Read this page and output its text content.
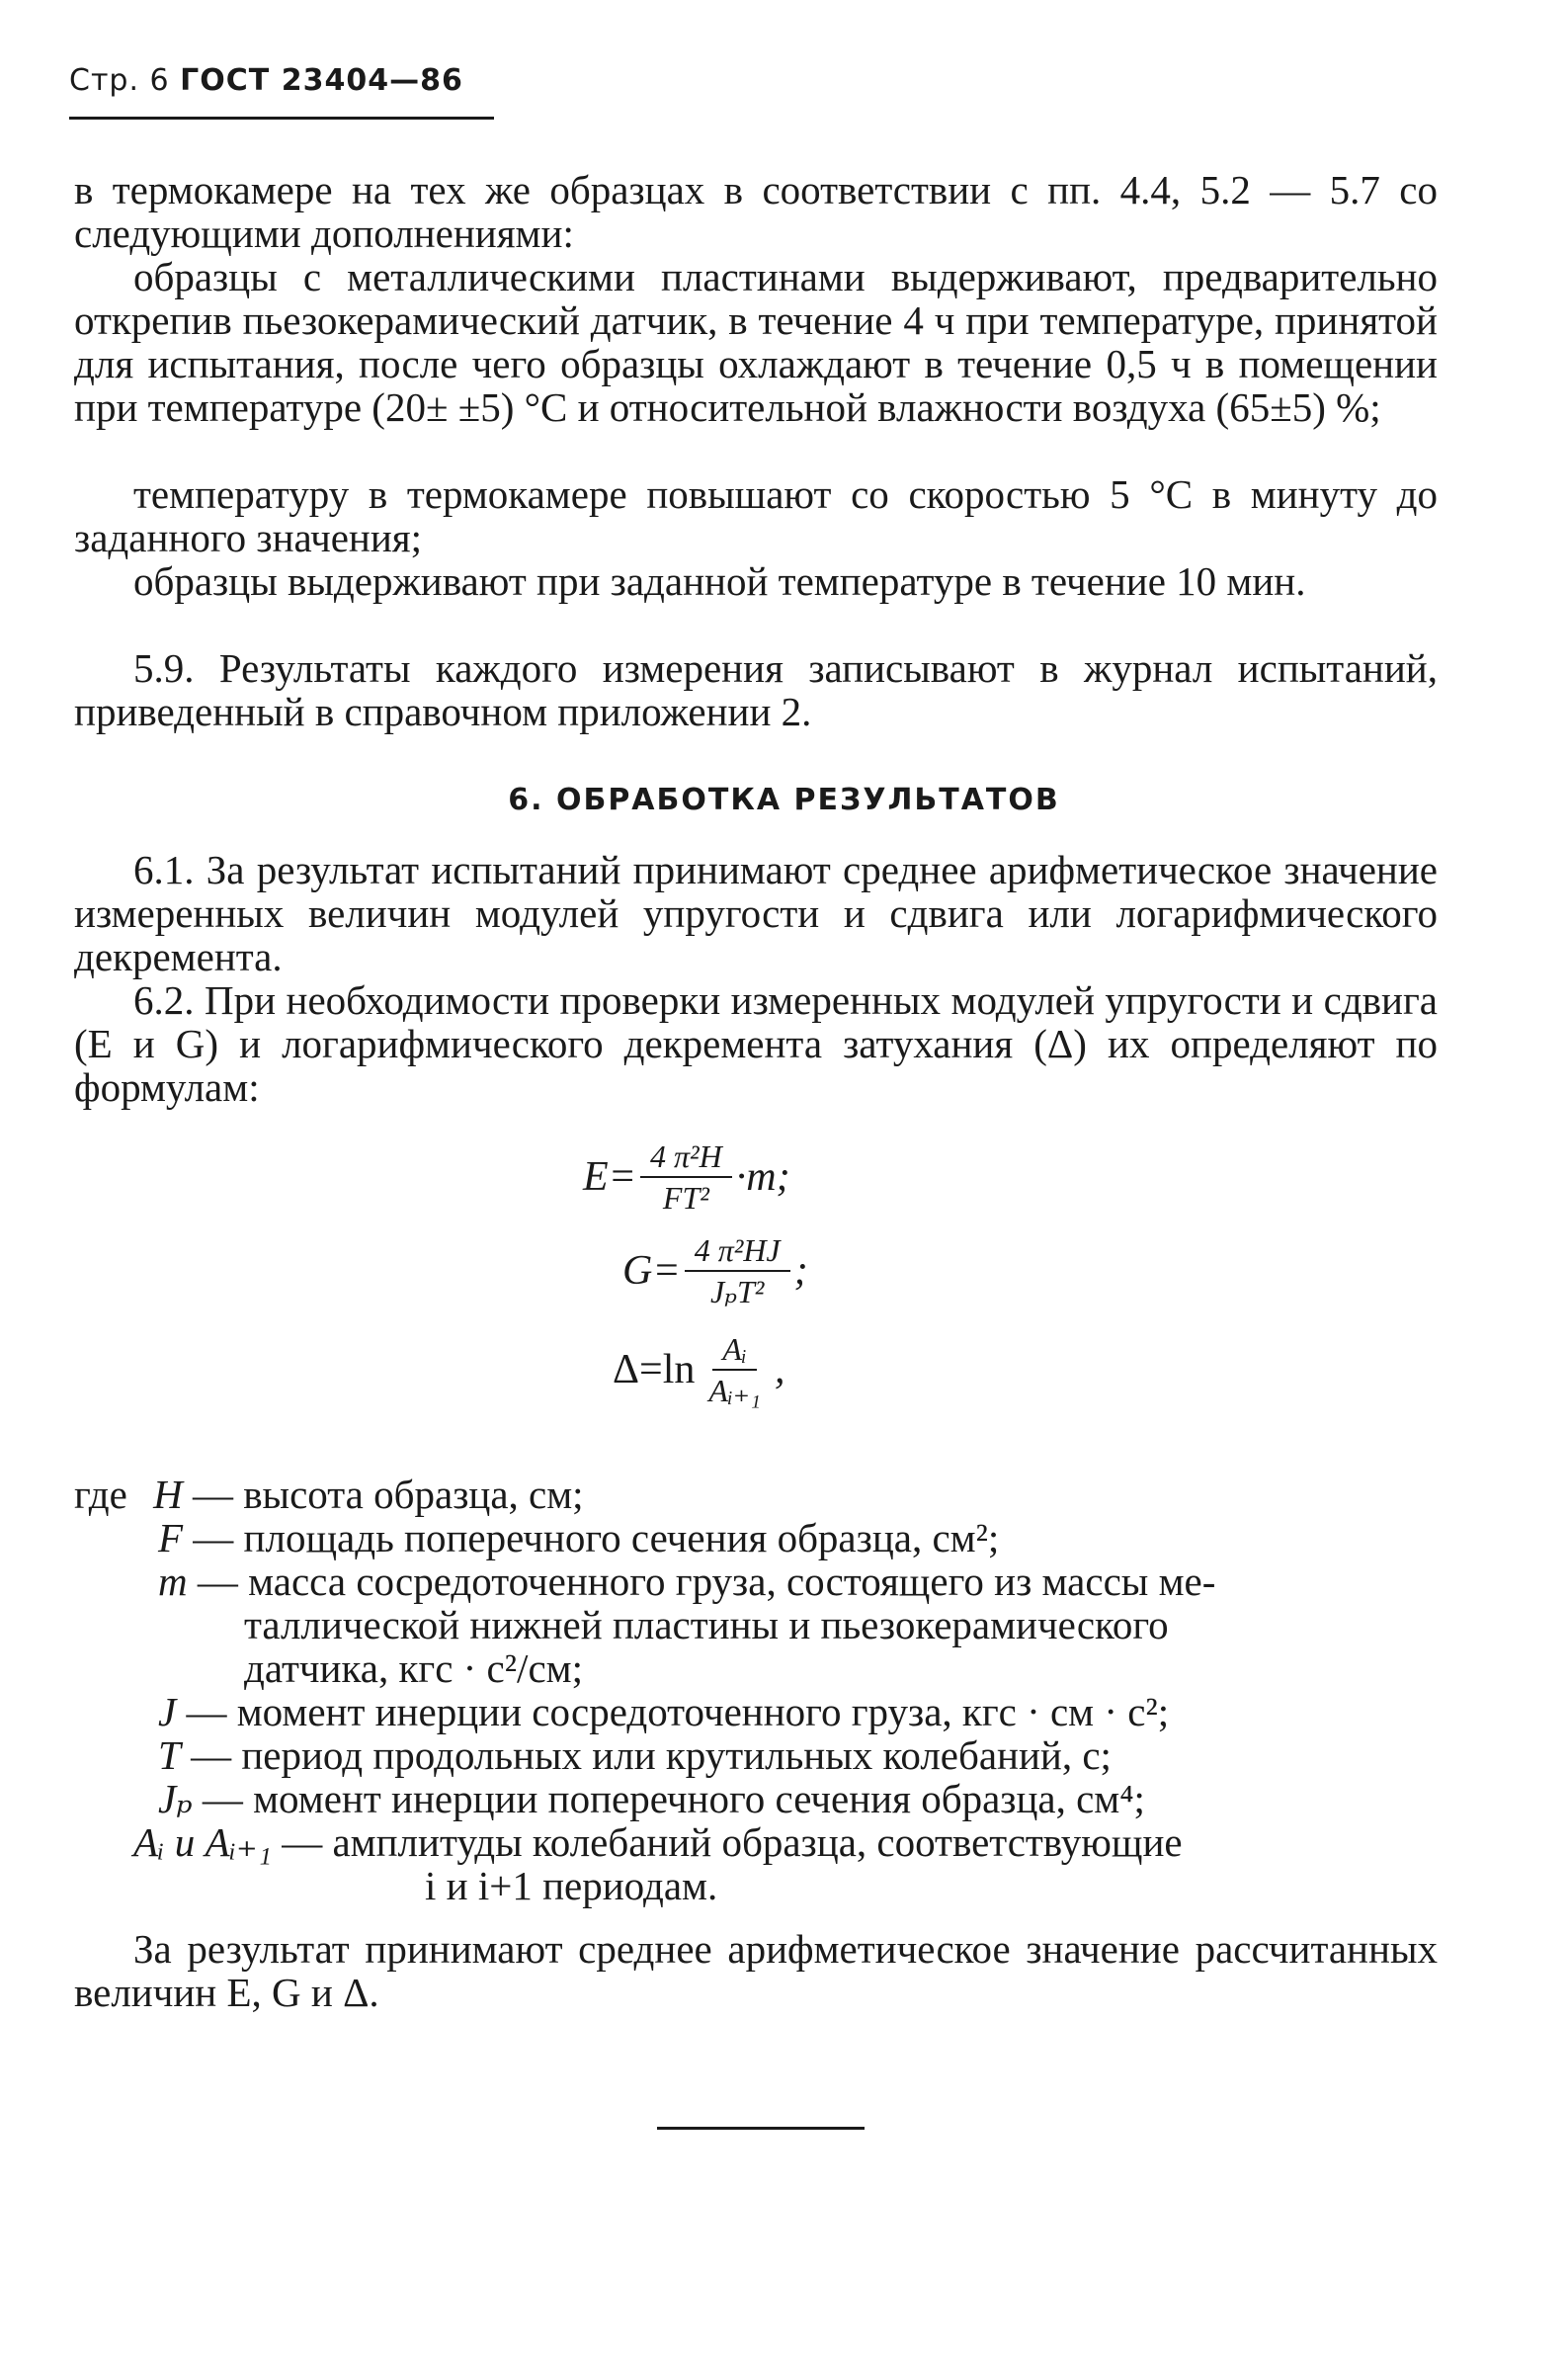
Стр. 6 ГОСТ 23404—86

в термокамере на тех же образцах в соответствии с пп. 4.4, 5.2 — 5.7 со следующими дополнениями:

образцы с металлическими пластинами выдерживают, предварительно открепив пьезокерамический датчик, в течение 4 ч при температуре, принятой для испытания, после чего образцы охлаждают в течение 0,5 ч в помещении при температуре (20± ±5) °С и относительной влажности воздуха (65±5) %;

температуру в термокамере повышают со скоростью 5 °С в минуту до заданного значения;

образцы выдерживают при заданной температуре в течение 10 мин.

5.9. Результаты каждого измерения записывают в журнал испытаний, приведенный в справочном приложении 2.

6. ОБРАБОТКА РЕЗУЛЬТАТОВ

6.1. За результат испытаний принимают среднее арифметическое значение измеренных величин модулей упругости и сдвига или логарифмического декремента.

6.2. При необходимости проверки измеренных модулей упругости и сдвига (E и G) и логарифмического декремента затухания (Δ) их определяют по формулам:

$E= \frac{\text{4 π²H}}{\text{FT²}} \cdot m$;
$G= \frac{\text{4 π²HJ}}{\text{JₚT²}}$ ;
$\Delta=\ln \frac{\text{Aᵢ}}{\text{Aᵢ₊₁}}$ ,
где H — высота образца, см;
F — площадь поперечного сечения образца, см²;
m — масса сосредоточенного груза, состоящего из массы ме-
таллической нижней пластины и пьезокерамического
датчика, кгс · с²/см;
J — момент инерции сосредоточенного груза, кгс · см · с²;
T — период продольных или крутильных колебаний, с;
Jₚ — момент инерции поперечного сечения образца, см⁴;
Aᵢ и Aᵢ₊₁ — амплитуды колебаний образца, соответствующие
i и i+1 периодам.

За результат принимают среднее арифметическое значение рассчитанных величин E, G и Δ.
